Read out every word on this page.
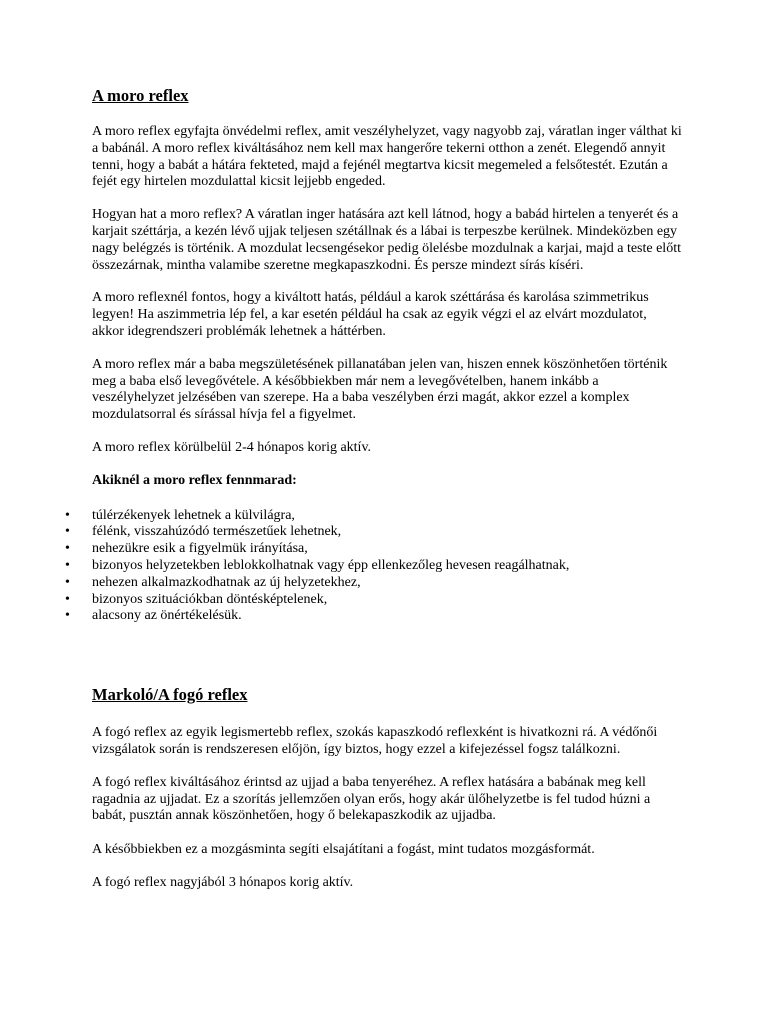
A moro reflex

A moro reflex egyfajta önvédelmi reflex, amit veszélyhelyzet, vagy nagyobb zaj, váratlan inger válthat ki a babánál. A moro reflex kiváltásához nem kell max hangerőre tekerni otthon a zenét. Elegendő annyit tenni, hogy a babát a hátára fekteted, majd a fejénél megtartva kicsit megemeled a felsőtestét. Ezután a fejét egy hirtelen mozdulattal kicsit lejjebb engeded.

Hogyan hat a moro reflex? A váratlan inger hatására azt kell látnod, hogy a babád hirtelen a tenyerét és a karjait széttárja, a kezén lévő ujjak teljesen szétállnak és a lábai is terpeszbe kerülnek. Mindeközben egy nagy belégzés is történik. A mozdulat lecsengésekor pedig ölelésbe mozdulnak a karjai, majd a teste előtt összezárnak, mintha valamibe szeretne megkapaszkodni. És persze mindezt sírás kíséri.

A moro reflexnél fontos, hogy a kiváltott hatás, például a karok széttárása és karolása szimmetrikus legyen! Ha aszimmetria lép fel, a kar esetén például ha csak az egyik végzi el az elvárt mozdulatot, akkor idegrendszeri problémák lehetnek a háttérben.

A moro reflex már a baba megszületésének pillanatában jelen van, hiszen ennek köszönhetően történik meg a baba első levegővétele. A későbbiekben már nem a levegővételben, hanem inkább a veszélyhelyzet jelzésében van szerepe. Ha a baba veszélyben érzi magát, akkor ezzel a komplex mozdulatsorral és sírással hívja fel a figyelmet.

A moro reflex körülbelül 2-4 hónapos korig aktív.

Akiknél a moro reflex fennmarad:

• túlérzékenyek lehetnek a külvilágra,
• félénk, visszahúzódó természetűek lehetnek,
• nehezükre esik a figyelmük irányítása,
• bizonyos helyzetekben leblokkolhatnak vagy épp ellenkezőleg hevesen reagálhatnak,
• nehezen alkalmazkodhatnak az új helyzetekhez,
• bizonyos szituációkban döntésképtelenek,
• alacsony az önértékelésük.
Markoló/A fogó reflex

A fogó reflex az egyik legismertebb reflex, szokás kapaszkodó reflexként is hivatkozni rá. A védőnői vizsgálatok során is rendszeresen előjön, így biztos, hogy ezzel a kifejezéssel fogsz találkozni.

A fogó reflex kiváltásához érintsd az ujjad a baba tenyeréhez. A reflex hatására a babának meg kell ragadnia az ujjadat. Ez a szorítás jellemzően olyan erős, hogy akár ülőhelyzetbe is fel tudod húzni a babát, pusztán annak köszönhetően, hogy ő belekapaszkodik az ujjadba.

A későbbiekben ez a mozgásminta segíti elsajátítani a fogást, mint tudatos mozgásformát.

A fogó reflex nagyjából 3 hónapos korig aktív.
